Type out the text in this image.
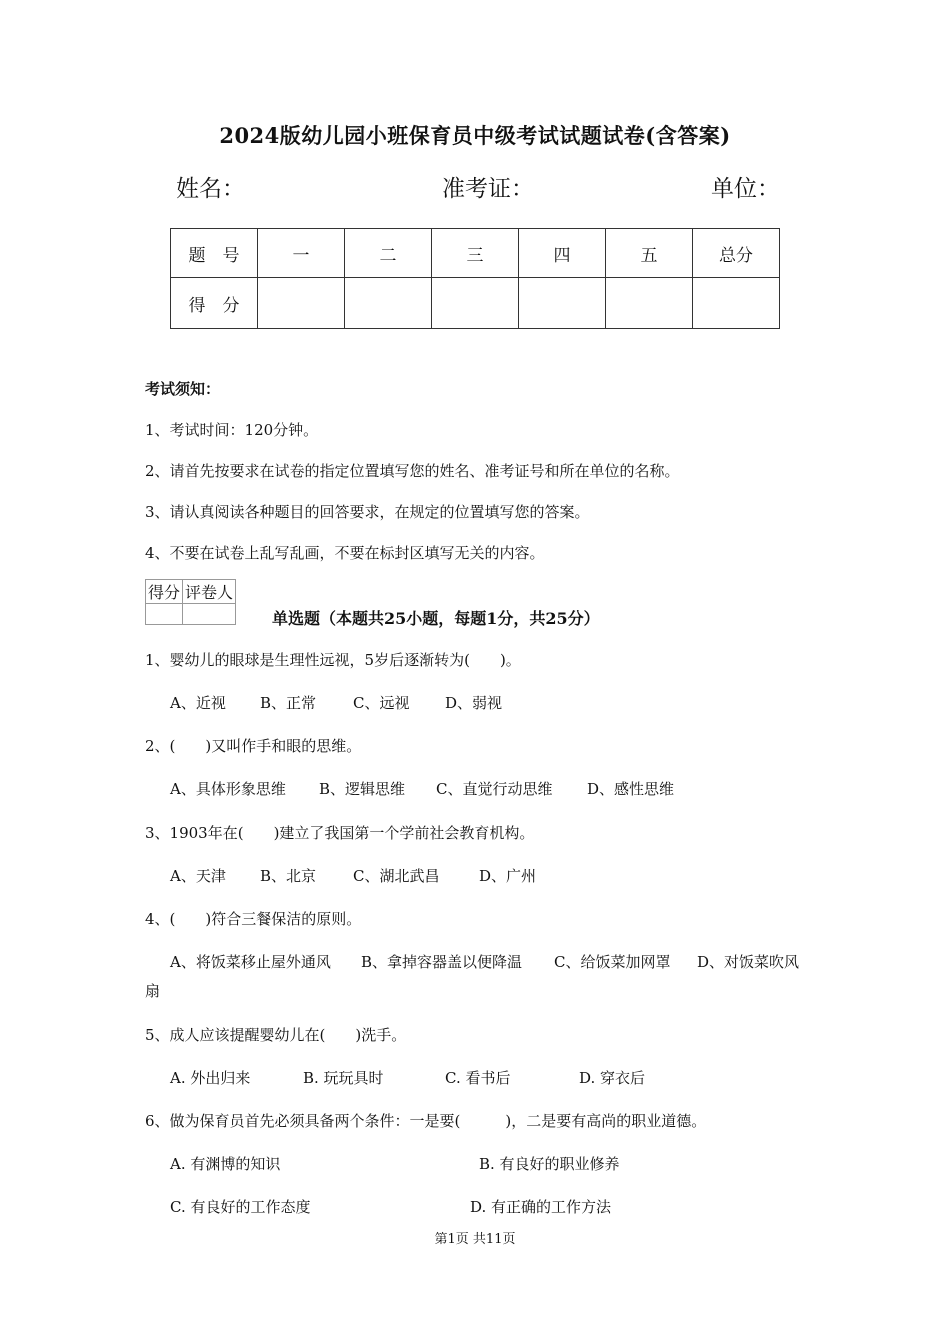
2024版幼儿园小班保育员中级考试试题试卷(含答案)
姓名：	准考证：	单位：
题　号	一	二	三	四	五	总分
得　分						
考试须知：
1、考试时间：120分钟。
2、请首先按要求在试卷的指定位置填写您的姓名、准考证号和所在单位的名称。
3、请认真阅读各种题目的回答要求，在规定的位置填写您的答案。
4、不要在试卷上乱写乱画，不要在标封区填写无关的内容。
得分	评卷人

单选题（本题共25小题，每题1分，共25分）
1、婴幼儿的眼球是生理性远视，5岁后逐渐转为(　　)。
A、近视 B、正常 C、远视 D、弱视
2、(　　)又叫作手和眼的思维。
A、具体形象思维 B、逻辑思维 C、直觉行动思维 D、感性思维
3、1903年在(　　)建立了我国第一个学前社会教育机构。
A、天津 B、北京 C、湖北武昌	D、广州
4、(　　)符合三餐保洁的原则。
A、将饭菜移止屋外通风 B、拿掉容器盖以便降温 C、给饭菜加网罩 D、对饭菜吹风
扇
5、成人应该提醒婴幼儿在(　　)洗手。
A. 外出归来	B. 玩玩具时	C. 看书后	D. 穿衣后
6、做为保育员首先必须具备两个条件：一是要(　　　)，二是要有高尚的职业道德。
A. 有渊博的知识	B. 有良好的职业修养
C. 有良好的工作态度	D. 有正确的工作方法
第1页 共11页
